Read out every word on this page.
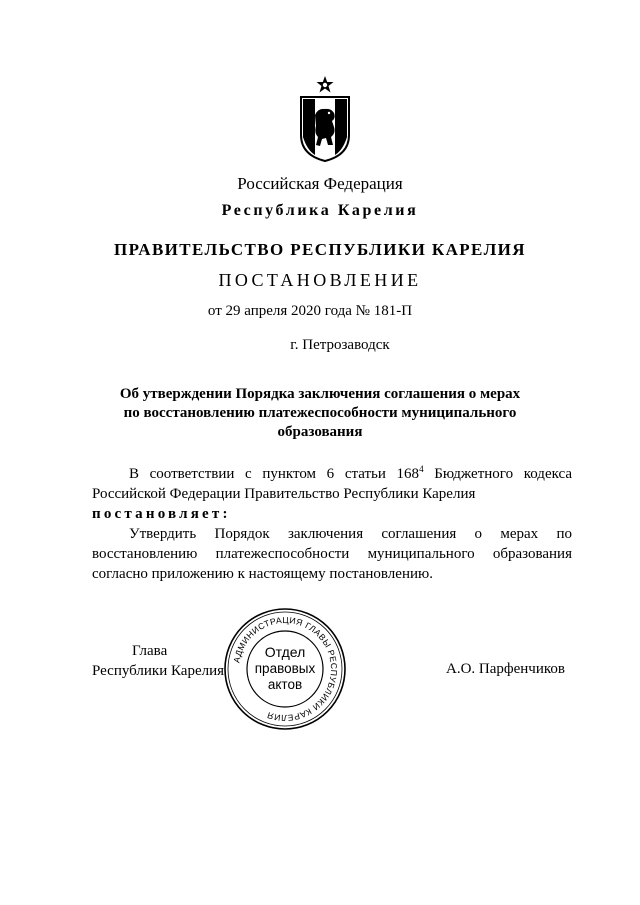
Российская Федерация
Республика Карелия
ПРАВИТЕЛЬСТВО РЕСПУБЛИКИ КАРЕЛИЯ
ПОСТАНОВЛЕНИЕ
от 29 апреля 2020 года № 181-П
г. Петрозаводск
Об утверждении Порядка заключения соглашения о мерах
по восстановлению платежеспособности муниципального
образования

В соответствии с пунктом 6 статьи $168^4$ Бюджетного кодекса Российской Федерации Правительство Республики Карелия

постановляет:

Утвердить Порядок заключения соглашения о мерах по восстановлению платежеспособности муниципального образования согласно приложению к настоящему постановлению.

Глава
Республики Карелия	А.О. Парфенчиков
АДМИНИСТРАЦИЯ ГЛАВЫ РЕСПУБЛИКИ КАРЕЛИЯ
Отдел
правовых
актов
